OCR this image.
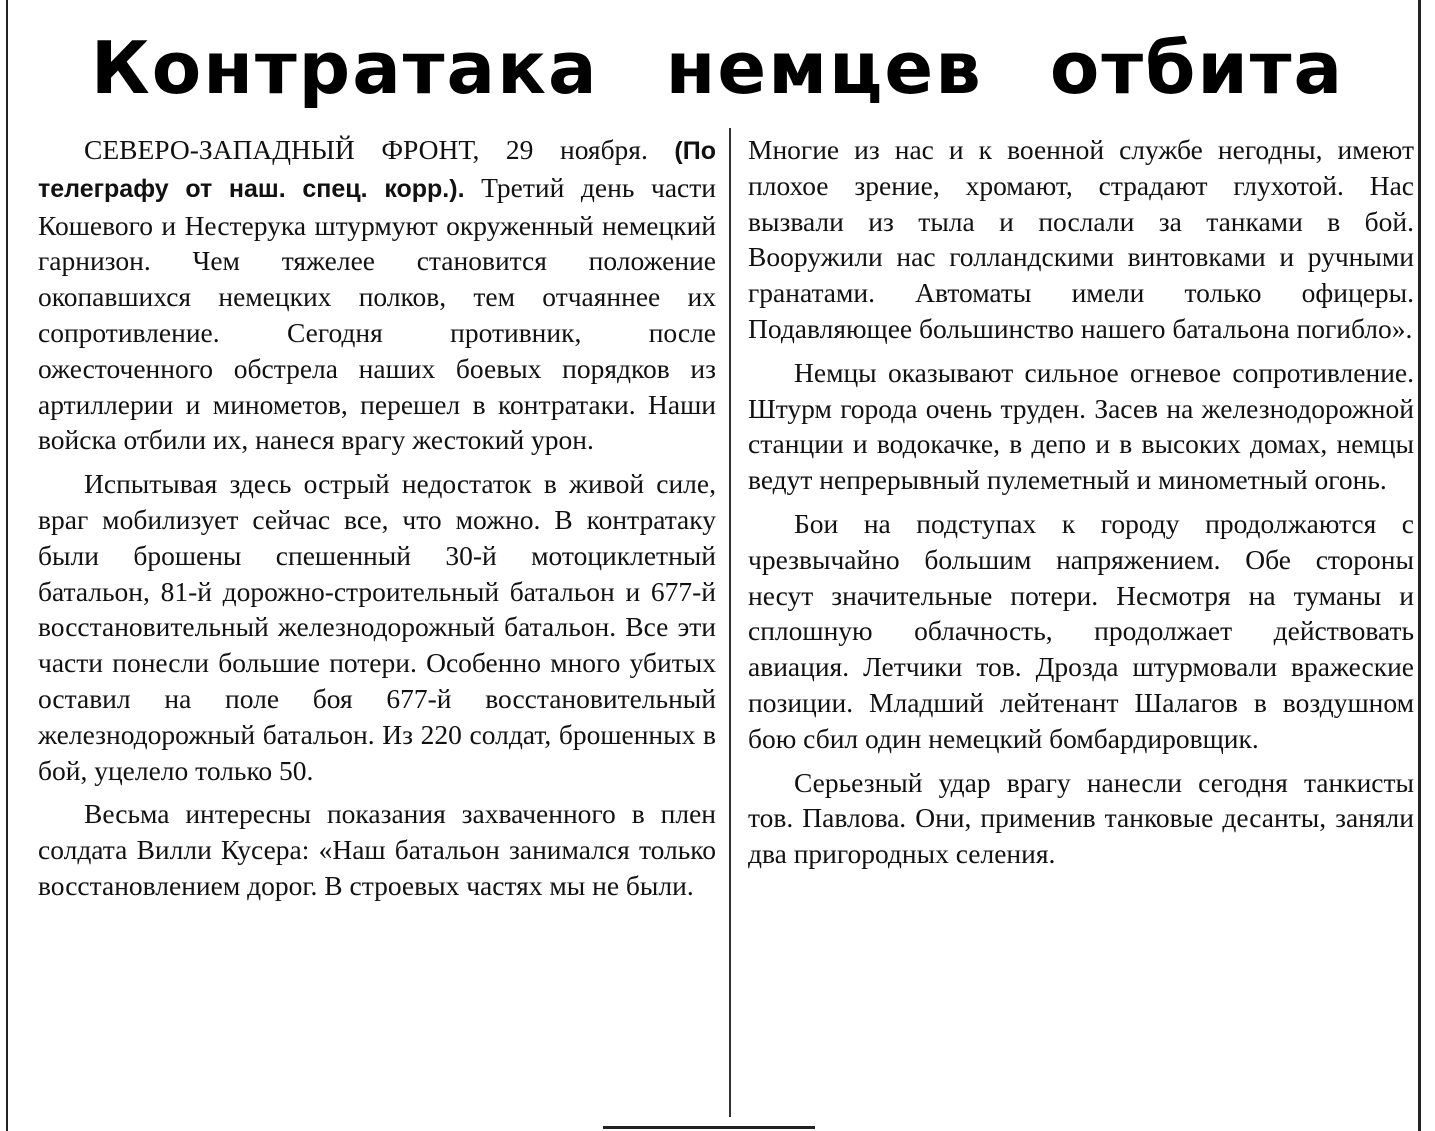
Контратака немцев отбита

СЕВЕРО-ЗАПАДНЫЙ ФРОНТ, 29 ноября. (По телеграфу от наш. спец. корр.). Третий день части Кошевого и Нестерука штурмуют окруженный немецкий гарнизон. Чем тяжелее становится положение окопавшихся немецких полков, тем отчаяннее их сопротивление. Сегодня противник, после ожесточенного обстрела наших боевых порядков из артиллерии и минометов, перешел в контратаки. Наши войска отбили их, нанеся врагу жестокий урон.

Испытывая здесь острый недостаток в живой силе, враг мобилизует сейчас все, что можно. В контратаку были брошены спешенный 30-й мотоциклетный батальон, 81-й дорожно-строительный батальон и 677-й восстановительный железнодорожный батальон. Все эти части понесли большие потери. Особенно много убитых оставил на поле боя 677-й восстановительный железнодорожный батальон. Из 220 солдат, брошенных в бой, уцелело только 50.

Весьма интересны показания захваченного в плен солдата Вилли Кусера: «Наш батальон занимался только восстановлением дорог. В строевых частях мы не были.

Многие из нас и к военной службе негодны, имеют плохое зрение, хромают, страдают глухотой. Нас вызвали из тыла и послали за танками в бой. Вооружили нас голландскими винтовками и ручными гранатами. Автоматы имели только офицеры. Подавляющее большинство нашего батальона погибло».

Немцы оказывают сильное огневое сопротивление. Штурм города очень труден. Засев на железнодорожной станции и водокачке, в депо и в высоких домах, немцы ведут непрерывный пулеметный и минометный огонь.

Бои на подступах к городу продолжаются с чрезвычайно большим напряжением. Обе стороны несут значительные потери. Несмотря на туманы и сплошную облачность, продолжает действовать авиация. Летчики тов. Дрозда штурмовали вражеские позиции. Младший лейтенант Шалагов в воздушном бою сбил один немецкий бомбардировщик.

Серьезный удар врагу нанесли сегодня танкисты тов. Павлова. Они, применив танковые десанты, заняли два пригородных селения.
